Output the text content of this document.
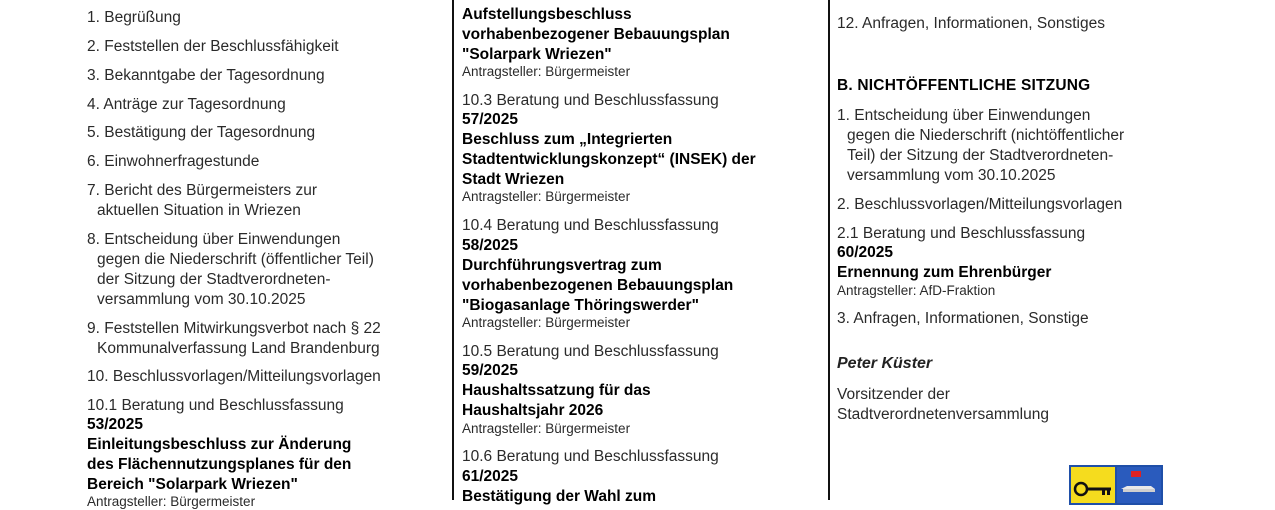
1. Begrüßung
2. Feststellen der Beschlussfähigkeit
3. Bekanntgabe der Tagesordnung
4. Anträge zur Tagesordnung
5. Bestätigung der Tagesordnung
6. Einwohnerfragestunde
7. Bericht des Bürgermeisters zur
aktuellen Situation in Wriezen
8. Entscheidung über Einwendungen
gegen die Niederschrift (öffentlicher Teil)
der Sitzung der Stadtverordneten-
versammlung vom 30.10.2025
9. Feststellen Mitwirkungsverbot nach § 22
Kommunalverfassung Land Brandenburg
10. Beschlussvorlagen/Mitteilungsvorlagen
10.1 Beratung und Beschlussfassung
53/2025
Einleitungsbeschluss zur Änderung
des Flächennutzungsplanes für den
Bereich "Solarpark Wriezen"
Antragsteller: Bürgermeister
Aufstellungsbeschluss
vorhabenbezogener Bebauungsplan
"Solarpark Wriezen"
Antragsteller: Bürgermeister
10.3 Beratung und Beschlussfassung
57/2025
Beschluss zum „Integrierten
Stadtentwicklungskonzept“ (INSEK) der
Stadt Wriezen
Antragsteller: Bürgermeister
10.4 Beratung und Beschlussfassung
58/2025
Durchführungsvertrag zum
vorhabenbezogenen Bebauungsplan
"Biogasanlage Thöringswerder"
Antragsteller: Bürgermeister
10.5 Beratung und Beschlussfassung
59/2025
Haushaltssatzung für das
Haushaltsjahr 2026
Antragsteller: Bürgermeister
10.6 Beratung und Beschlussfassung
61/2025
Bestätigung der Wahl zum
12. Anfragen, Informationen, Sonstiges
B. NICHTÖFFENTLICHE SITZUNG
1. Entscheidung über Einwendungen
gegen die Niederschrift (nichtöffentlicher
Teil) der Sitzung der Stadtverordneten-
versammlung vom 30.10.2025
2. Beschlussvorlagen/Mitteilungsvorlagen
2.1 Beratung und Beschlussfassung
60/2025
Ernennung zum Ehrenbürger
Antragsteller: AfD-Fraktion
3. Anfragen, Informationen, Sonstige
Peter Küster
Vorsitzender der
Stadtverordnetenversammlung
